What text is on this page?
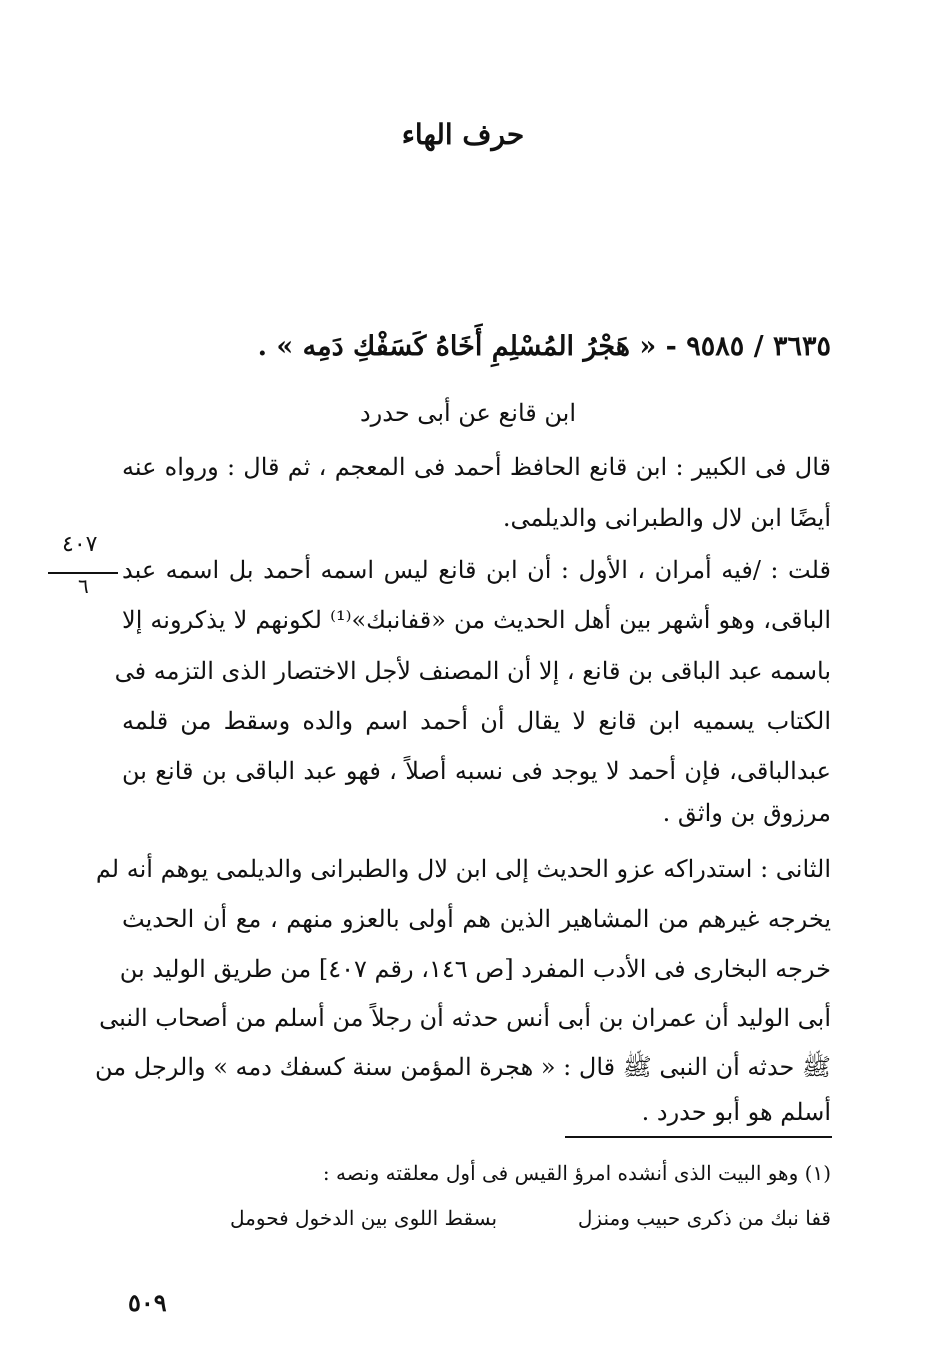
حرف الهاء
٣٦٣٥ / ٩٥٨٥ - « هَجْرُ المُسْلِمِ أَخَاهُ كَسَفْكِ دَمِه » .
ابن قانع عن أبى حدرد
قال فى الكبير : ابن قانع الحافظ أحمد فى المعجم ، ثم قال : ورواه عنه
أيضًا ابن لال والطبرانى والديلمى.
٤٠٧
٦
قلت : /فيه أمران ، الأول : أن ابن قانع ليس اسمه أحمد بل اسمه عبد
الباقى، وهو أشهر بين أهل الحديث من «قفانبك»⁽¹⁾ لكونهم لا يذكرونه إلا
باسمه عبد الباقى بن قانع ، إلا أن المصنف لأجل الاختصار الذى التزمه فى
الكتاب يسميه ابن قانع لا يقال أن أحمد اسم والده وسقط من قلمه
عبدالباقى، فإن أحمد لا يوجد فى نسبه أصلاً ، فهو عبد الباقى بن قانع بن
مرزوق بن واثق .
الثانى : استدراكه عزو الحديث إلى ابن لال والطبرانى والديلمى يوهم أنه لم
يخرجه غيرهم من المشاهير الذين هم أولى بالعزو منهم ، مع أن الحديث
خرجه البخارى فى الأدب المفرد [ص ١٤٦، رقم ٤٠٧] من طريق الوليد بن
أبى الوليد أن عمران بن أبى أنس حدثه أن رجلاً من أسلم من أصحاب النبى
ﷺ حدثه أن النبى ﷺ قال : « هجرة المؤمن سنة كسفك دمه » والرجل من
أسلم هو أبو حدرد .
(١) وهو البيت الذى أنشده امرؤ القيس فى أول معلقته ونصه :
قفا نبك من ذكرى حبيب ومنزل
بسقط اللوى بين الدخول فحومل
٥٠٩
